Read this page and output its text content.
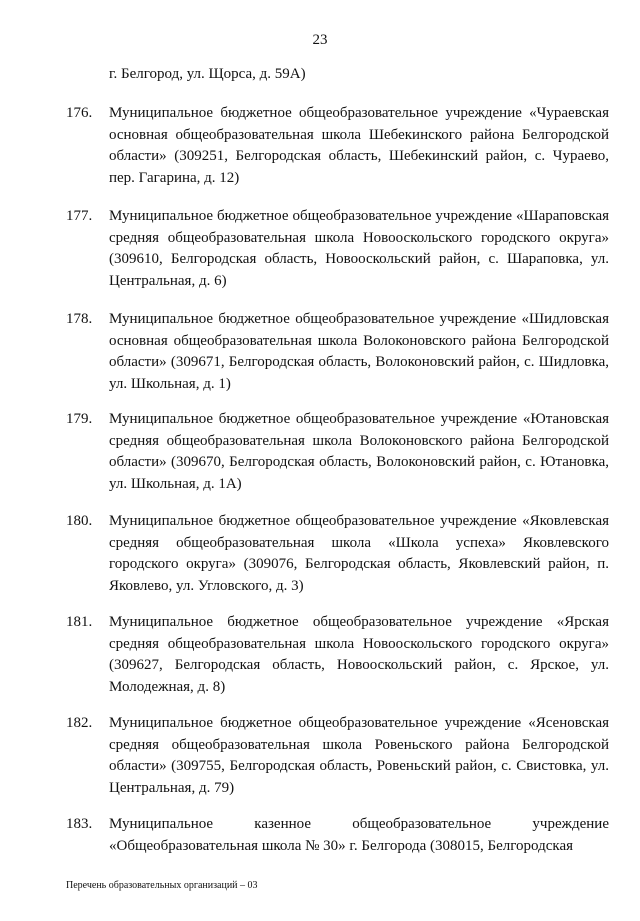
23
г. Белгород, ул. Щорса, д. 59А)
176.	Муниципальное бюджетное общеобразовательное учреждение «Чураевская основная общеобразовательная школа Шебекинского района Белгородской области» (309251, Белгородская область, Шебекинский район, с. Чураево, пер. Гагарина, д. 12)
177.	Муниципальное бюджетное общеобразовательное учреждение «Шараповская средняя общеобразовательная школа Новооскольского городского округа» (309610, Белгородская область, Новооскольский район, с. Шараповка, ул. Центральная, д. 6)
178.	Муниципальное бюджетное общеобразовательное учреждение «Шидловская основная общеобразовательная школа Волоконовского района Белгородской области» (309671, Белгородская область, Волоконовский район, с. Шидловка, ул. Школьная, д. 1)
179.	Муниципальное бюджетное общеобразовательное учреждение «Ютановская средняя общеобразовательная школа Волоконовского района Белгородской области» (309670, Белгородская область, Волоконовский район, с. Ютановка, ул. Школьная, д. 1А)
180.	Муниципальное бюджетное общеобразовательное учреждение «Яковлевская средняя общеобразовательная школа «Школа успеха» Яковлевского городского округа» (309076, Белгородская область, Яковлевский район, п. Яковлево, ул. Угловского, д. 3)
181.	Муниципальное бюджетное общеобразовательное учреждение «Ярская средняя общеобразовательная школа Новооскольского городского округа» (309627, Белгородская область, Новооскольский район, с. Ярское, ул. Молодежная, д. 8)
182.	Муниципальное бюджетное общеобразовательное учреждение «Ясеновская средняя общеобразовательная школа Ровеньского района Белгородской области» (309755, Белгородская область, Ровеньский район, с. Свистовка, ул. Центральная, д. 79)
183.	Муниципальное казенное общеобразовательное учреждение «Общеобразовательная школа № 30» г. Белгорода (308015, Белгородская
Перечень образовательных организаций – 03
